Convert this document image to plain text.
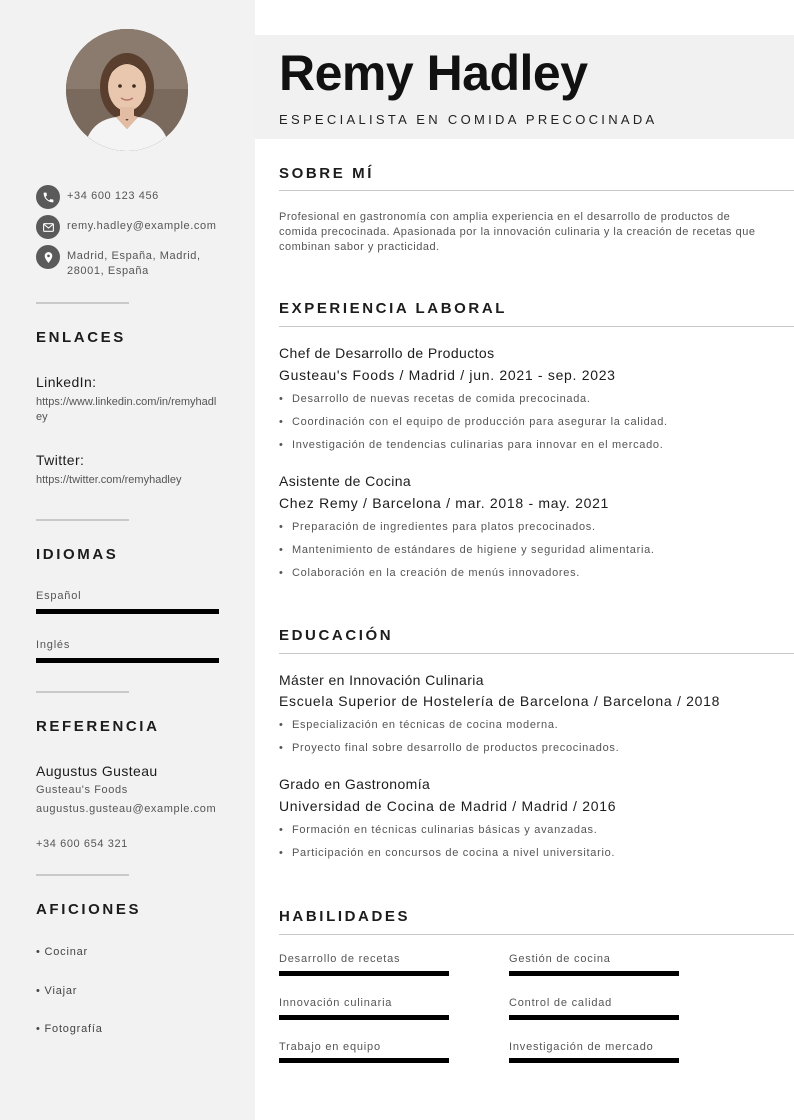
+34 600 123 456
remy.hadley@example.com
Madrid, España, Madrid,
28001, España
ENLACES
LinkedIn:
https://www.linkedin.com/in/remyhadley
Twitter:
https://twitter.com/remyhadley
IDIOMAS
Español
Inglés
REFERENCIA
Augustus Gusteau
Gusteau's Foods
augustus.gusteau@example.com
+34 600 654 321
AFICIONES
• Cocinar
• Viajar
• Fotografía
Remy Hadley
ESPECIALISTA EN COMIDA PRECOCINADA
SOBRE MÍ
Profesional en gastronomía con amplia experiencia en el desarrollo de productos de comida precocinada. Apasionada por la innovación culinaria y la creación de recetas que combinan sabor y practicidad.
EXPERIENCIA LABORAL
Chef de Desarrollo de Productos
Gusteau's Foods / Madrid / jun. 2021 - sep. 2023
• Desarrollo de nuevas recetas de comida precocinada.
• Coordinación con el equipo de producción para asegurar la calidad.
• Investigación de tendencias culinarias para innovar en el mercado.
Asistente de Cocina
Chez Remy / Barcelona / mar. 2018 - may. 2021
• Preparación de ingredientes para platos precocinados.
• Mantenimiento de estándares de higiene y seguridad alimentaria.
• Colaboración en la creación de menús innovadores.
EDUCACIÓN
Máster en Innovación Culinaria
Escuela Superior de Hostelería de Barcelona / Barcelona / 2018
• Especialización en técnicas de cocina moderna.
• Proyecto final sobre desarrollo de productos precocinados.
Grado en Gastronomía
Universidad de Cocina de Madrid / Madrid / 2016
• Formación en técnicas culinarias básicas y avanzadas.
• Participación en concursos de cocina a nivel universitario.
HABILIDADES
Desarrollo de recetas	Gestión de cocina
Innovación culinaria	Control de calidad
Trabajo en equipo	Investigación de mercado
